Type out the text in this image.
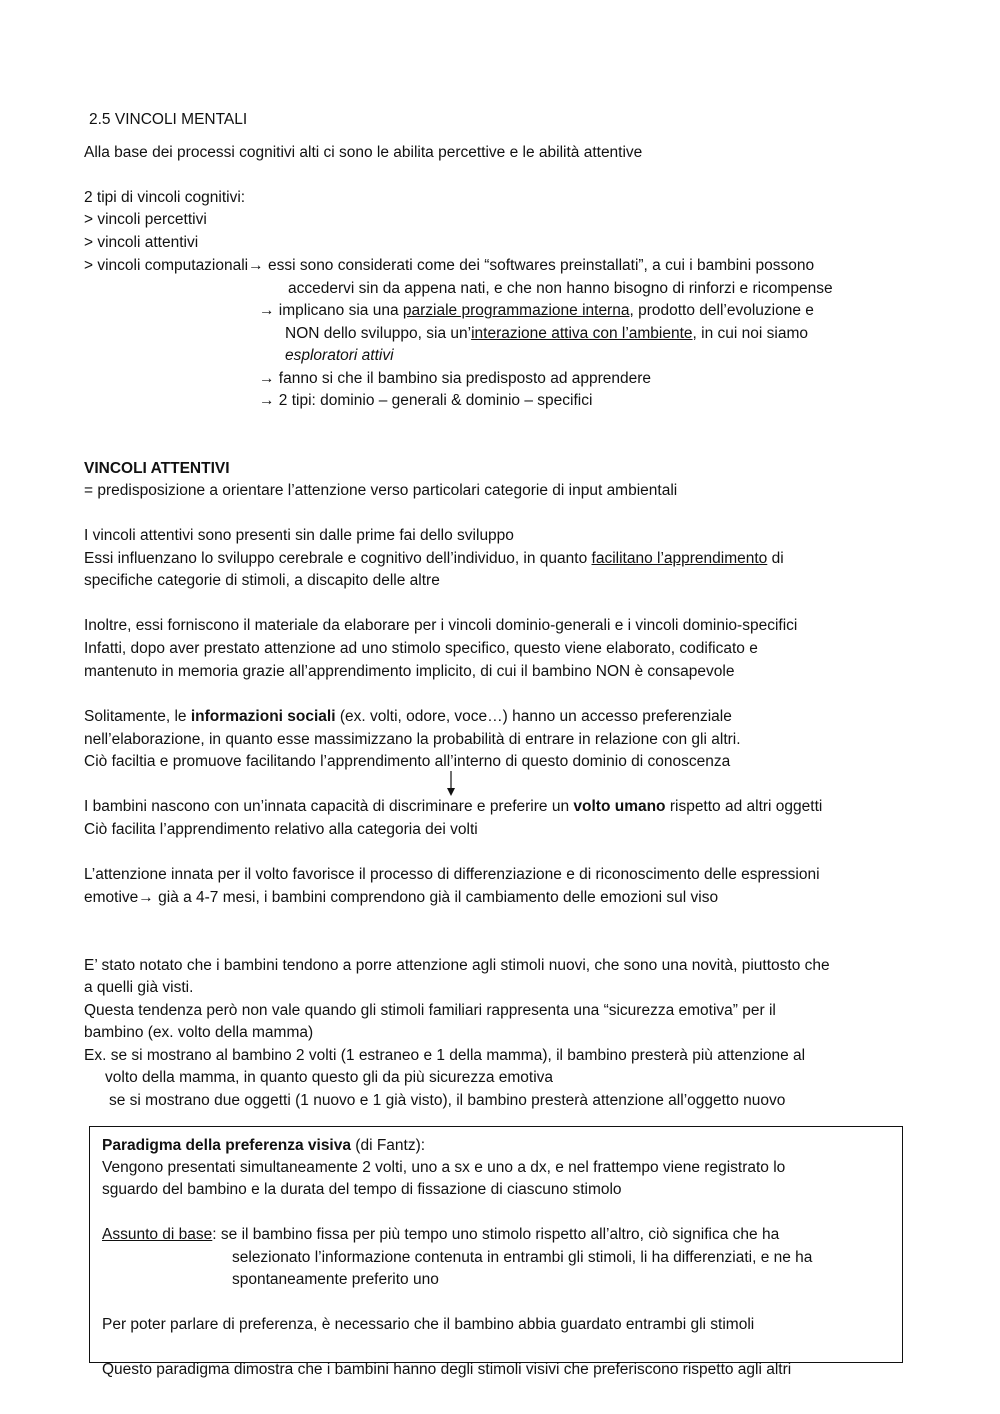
2.5 VINCOLI MENTALI
Alla base dei processi cognitivi alti ci sono le abilita percettive e le abilità attentive
2 tipi di vincoli cognitivi:
> vincoli percettivi
> vincoli attentivi
> vincoli computazionali→ essi sono considerati come dei “softwares preinstallati”, a cui i bambini possono
accedervi sin da appena nati, e che non hanno bisogno di rinforzi e ricompense
→ implicano sia una parziale programmazione interna, prodotto dell’evoluzione e
NON dello sviluppo, sia un’interazione attiva con l’ambiente, in cui noi siamo
esploratori attivi
→ fanno si che il bambino sia predisposto ad apprendere
→ 2 tipi: dominio – generali & dominio – specifici
VINCOLI ATTENTIVI
= predisposizione a orientare l’attenzione verso particolari categorie di input ambientali
I vincoli attentivi sono presenti sin dalle prime fai dello sviluppo
Essi influenzano lo sviluppo cerebrale e cognitivo dell’individuo, in quanto facilitano l’apprendimento di
specifiche categorie di stimoli, a discapito delle altre
Inoltre, essi forniscono il materiale da elaborare per i vincoli dominio-generali e i vincoli dominio-specifici
Infatti, dopo aver prestato attenzione ad uno stimolo specifico, questo viene elaborato, codificato e
mantenuto in memoria grazie all’apprendimento implicito, di cui il bambino NON è consapevole
Solitamente, le informazioni sociali (ex. volti, odore, voce…) hanno un accesso preferenziale
nell’elaborazione, in quanto esse massimizzano la probabilità di entrare in relazione con gli altri.
Ciò faciltia e promuove facilitando l’apprendimento all’interno di questo dominio di conoscenza
I bambini nascono con un’innata capacità di discriminare e preferire un volto umano rispetto ad altri oggetti
Ciò facilita l’apprendimento relativo alla categoria dei volti
L’attenzione innata per il volto favorisce il processo di differenziazione e di riconoscimento delle espressioni
emotive→ già a 4-7 mesi, i bambini comprendono già il cambiamento delle emozioni sul viso
E’ stato notato che i bambini tendono a porre attenzione agli stimoli nuovi, che sono una novità, piuttosto che
a quelli già visti.
Questa tendenza però non vale quando gli stimoli familiari rappresenta una “sicurezza emotiva” per il
bambino (ex. volto della mamma)
Ex. se si mostrano al bambino 2 volti (1 estraneo e 1 della mamma), il bambino presterà più attenzione al
volto della mamma, in quanto questo gli da più sicurezza emotiva
se si mostrano due oggetti (1 nuovo e 1 già visto), il bambino presterà attenzione all’oggetto nuovo
Paradigma della preferenza visiva (di Fantz):
Vengono presentati simultaneamente 2 volti, uno a sx e uno a dx, e nel frattempo viene registrato lo
sguardo del bambino e la durata del tempo di fissazione di ciascuno stimolo
Assunto di base: se il bambino fissa per più tempo uno stimolo rispetto all’altro, ciò significa che ha
selezionato l’informazione contenuta in entrambi gli stimoli, li ha differenziati, e ne ha
spontaneamente preferito uno
Per poter parlare di preferenza, è necessario che il bambino abbia guardato entrambi gli stimoli
Questo paradigma dimostra che i bambini hanno degli stimoli visivi che preferiscono rispetto agli altri
